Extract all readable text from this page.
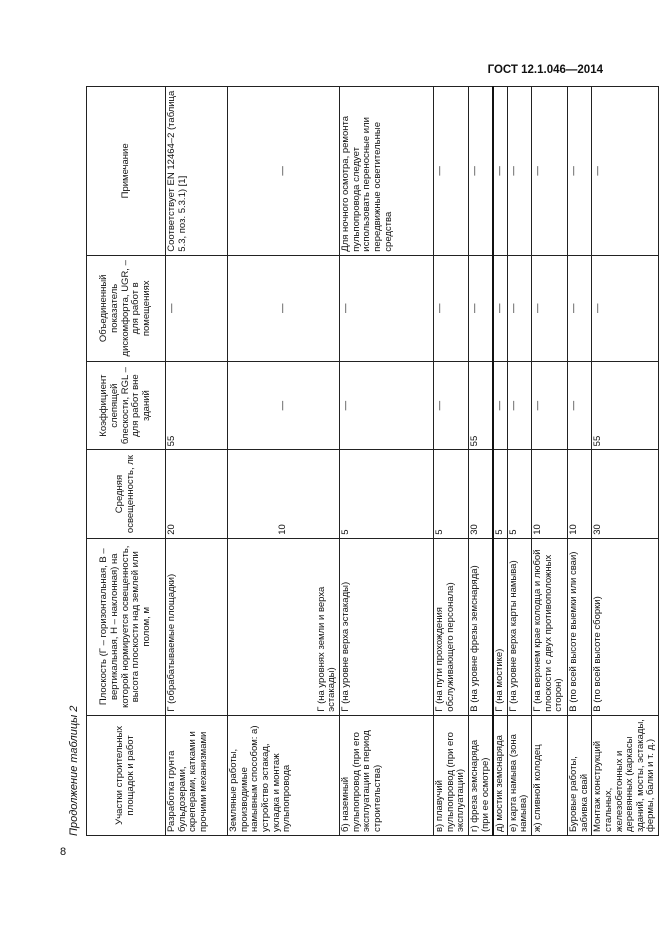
ГОСТ 12.1.046—2014
8
Продолжение таблицы 2	Участки строительных площадок и работ	Плоскость (Г – горизонтальная, В – вертикальная, Н – наклонная) на которой нормируется освещенность, высота плоскости над землей или полом, м	Средняя освещенность, лк	Коэффициент слепящей блескости, RGL – для работ вне зданий	Объединенный показатель дискомфорта, UGR, – для работ в помещениях	Примечание
Разработка грунта бульдозерами, скреперами, катками и прочими механизмами	Г (обрабатываемые площадки)	20	55	—	Соответствует EN 12464–2 (таблица 5.3, поз. 5.3.1) [1]
Земляные работы, производимые намывным способом: а) устройство эстакад, укладка и монтаж пульпопровода	Г (на уровнях земли и верха эстакады)	10	—	—	—
б) наземный пульпопровод (при его эксплуатации в период строительства)	Г (на уровне верха эстакады)	5	—	—	Для ночного осмотра, ремонта пульпопровода следует использовать переносные или передвижные осветительные средства
в) плавучий пульпопровод (при его эксплуатации)	Г (на пути прохождения обслуживающего персонала)	5	—	—	—
г) фреза земснаряда (при ее осмотре)	В (на уровне фрезы земснаряда)	30	55	—	—
д) мостик земснаряда	Г (на мостике)	5	—	—	—
е) карта намыва (зона намыва)	Г (на уровне верха карты намыва)	5	—	—	—
ж) сливной колодец	Г (на верхнем крае колодца и любой плоскости с двух противоположных сторон)	10	—	—	—
Буровые работы, забивка свай	В (по всей высоте выемки или сваи)	10	—	—	—
Монтаж конструкций стальных, железобетонных и деревянных (каркасы зданий, мосты, эстакады, фермы, балки и т. д.)	В (по всей высоте сборки)	30	55	—	—
